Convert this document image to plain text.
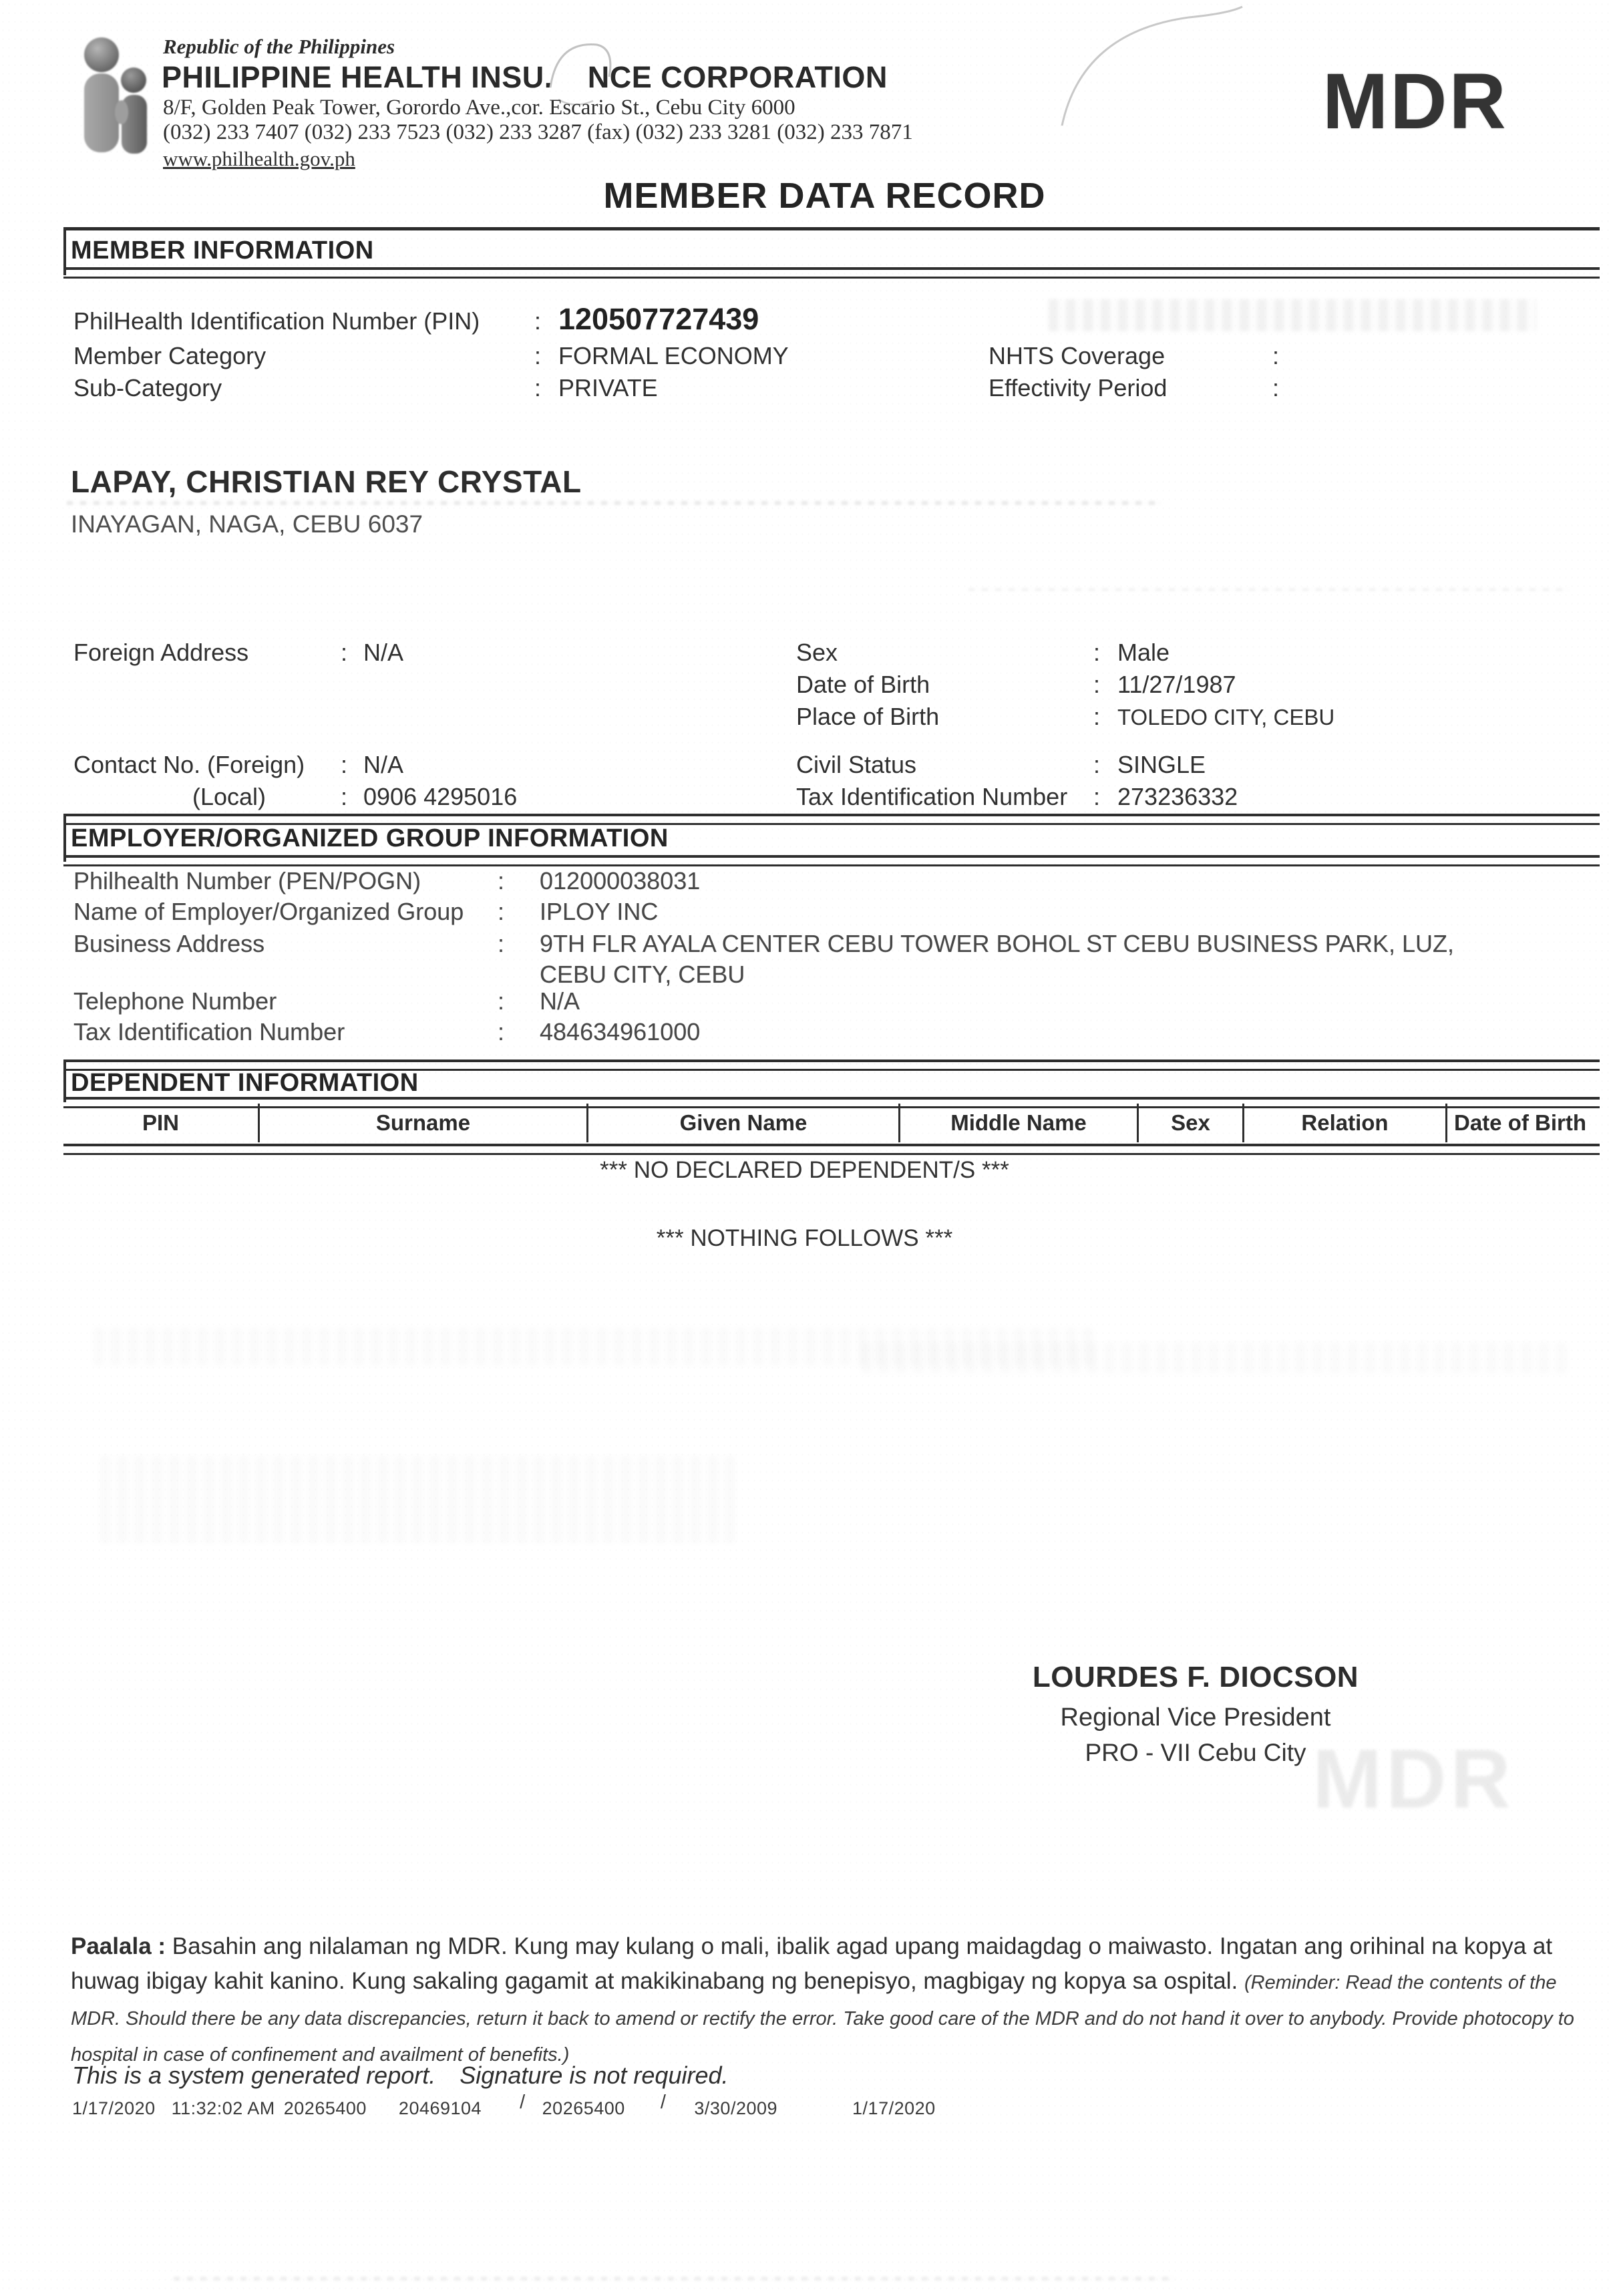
Republic of the Philippines
PHILIPPINE HEALTH INSU. NCE CORPORATION
8/F, Golden Peak Tower, Gorordo Ave.,cor. Escario St., Cebu City 6000
(032) 233 7407 (032) 233 7523 (032) 233 3287 (fax) (032) 233 3281 (032) 233 7871
www.philhealth.gov.ph
MDR
MEMBER DATA RECORD
MEMBER INFORMATION
PhilHealth Identification Number (PIN)	: 120507727439
Member Category	: FORMAL ECONOMY
Sub-Category	: PRIVATE
NHTS Coverage	:
Effectivity Period	:
LAPAY, CHRISTIAN REY CRYSTAL
INAYAGAN, NAGA, CEBU 6037
Foreign Address	: N/A	Sex	: Male
Date of Birth	: 11/27/1987
Place of Birth	: TOLEDO CITY, CEBU
Contact No. (Foreign)	: N/A
(Local)	: 0906 4295016
Civil Status	: SINGLE
Tax Identification Number	: 273236332
EMPLOYER/ORGANIZED GROUP INFORMATION
Philhealth Number (PEN/POGN)	:	012000038031
Name of Employer/Organized Group	:	IPLOY INC
Business Address	:	9TH FLR AYALA CENTER CEBU TOWER BOHOL ST CEBU BUSINESS PARK, LUZ, CEBU CITY, CEBU
Telephone Number	:	N/A
Tax Identification Number	:	484634961000
DEPENDENT INFORMATION
PIN	Surname	Given Name	Middle Name	Sex	Relation	Date of Birth
*** NO DECLARED DEPENDENT/S ***
*** NOTHING FOLLOWS ***
LOURDES F. DIOCSON
Regional Vice President
PRO - VII Cebu City MDR

Paalala : Basahin ang nilalaman ng MDR. Kung may kulang o mali, ibalik agad upang maidagdag o maiwasto. Ingatan ang orihinal na kopya at huwag ibigay kahit kanino. Kung sakaling gagamit at makikinabang ng benepisyo, magbigay ng kopya sa ospital. (Reminder: Read the contents of the MDR. Should there be any data discrepancies, return it back to amend or rectify the error. Take good care of the MDR and do not hand it over to anybody. Provide photocopy to hospital in case of confinement and availment of benefits.)

This is a system generated report. Signature is not required.
1/17/2020 11:32:02 AM 20265400 20469104 / 20265400 / 3/30/2009	1/17/2020
